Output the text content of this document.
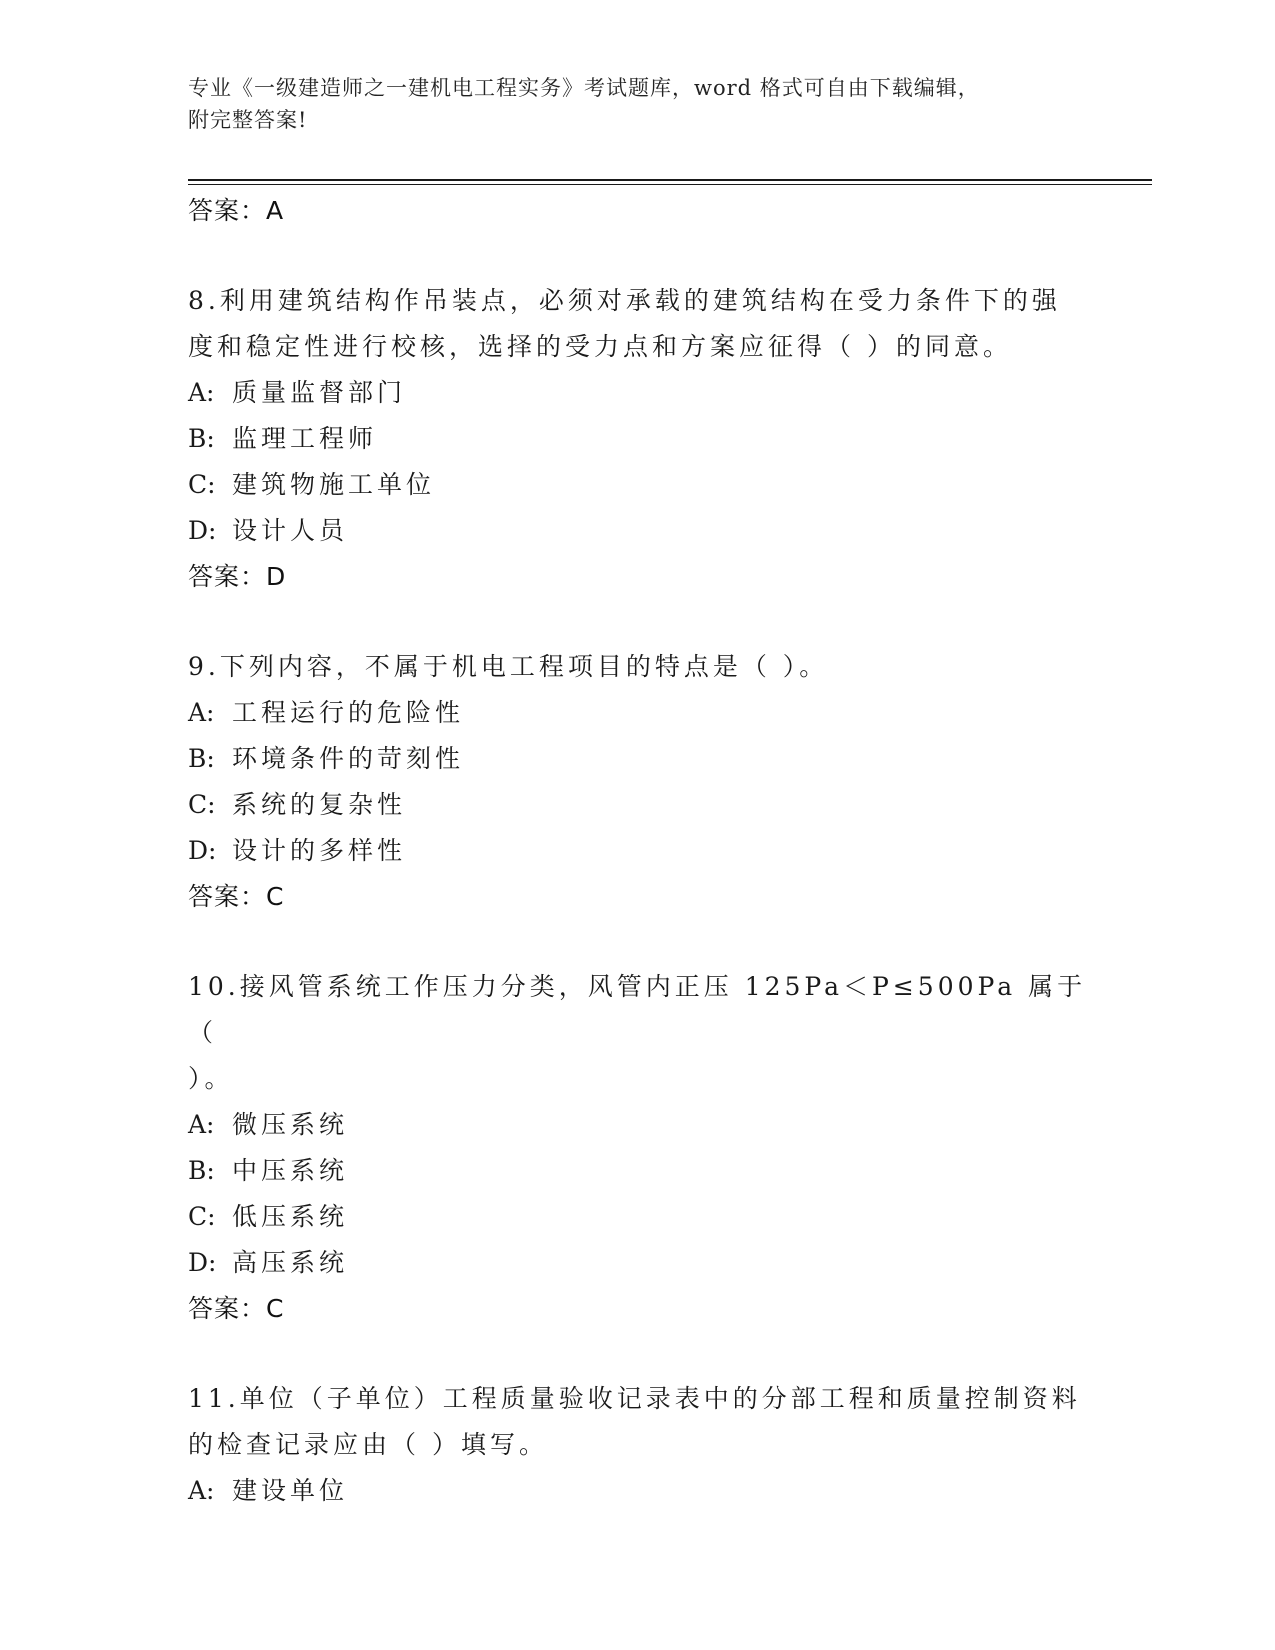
专业《一级建造师之一建机电工程实务》考试题库，word 格式可自由下载编辑，
附完整答案!
答案：A
8.利用建筑结构作吊装点，必须对承载的建筑结构在受力条件下的强
度和稳定性进行校核，选择的受力点和方案应征得（ ）的同意。
A: 质量监督部门
B: 监理工程师
C: 建筑物施工单位
D: 设计人员
答案：D
9.下列内容，不属于机电工程项目的特点是（ ）。
A: 工程运行的危险性
B: 环境条件的苛刻性
C: 系统的复杂性
D: 设计的多样性
答案：C
10.接风管系统工作压力分类，风管内正压 125Pa＜P≤500Pa 属于（
）。
A: 微压系统
B: 中压系统
C: 低压系统
D: 高压系统
答案：C
11.单位（子单位）工程质量验收记录表中的分部工程和质量控制资料
的检查记录应由（ ）填写。
A: 建设单位
